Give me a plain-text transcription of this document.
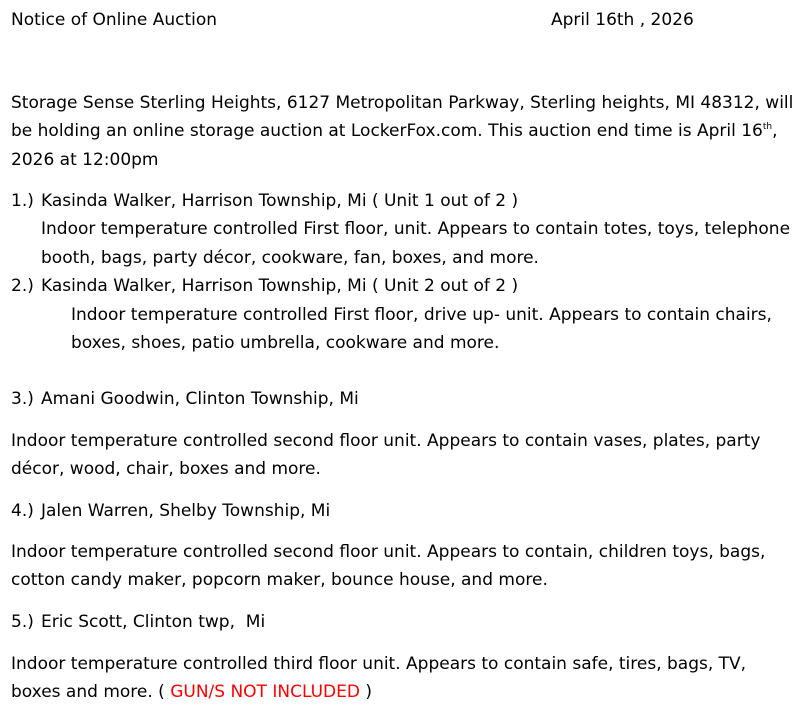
Notice of Online Auction	April 16th , 2026
Storage Sense Sterling Heights, 6127 Metropolitan Parkway, Sterling heights, MI 48312, will
be holding an online storage auction at LockerFox.com. This auction end time is April 16th,
2026 at 12:00pm
1.) Kasinda Walker, Harrison Township, Mi ( Unit 1 out of 2 )
Indoor temperature controlled First floor, unit. Appears to contain totes, toys, telephone
booth, bags, party décor, cookware, fan, boxes, and more.
2.) Kasinda Walker, Harrison Township, Mi ( Unit 2 out of 2 )
Indoor temperature controlled First floor, drive up- unit. Appears to contain chairs,
boxes, shoes, patio umbrella, cookware and more.
3.) Amani Goodwin, Clinton Township, Mi
Indoor temperature controlled second floor unit. Appears to contain vases, plates, party
décor, wood, chair, boxes and more.
4.) Jalen Warren, Shelby Township, Mi
Indoor temperature controlled second floor unit. Appears to contain, children toys, bags,
cotton candy maker, popcorn maker, bounce house, and more.
5.) Eric Scott, Clinton twp,  Mi
Indoor temperature controlled third floor unit. Appears to contain safe, tires, bags, TV,
boxes and more. ( GUN/S NOT INCLUDED )
